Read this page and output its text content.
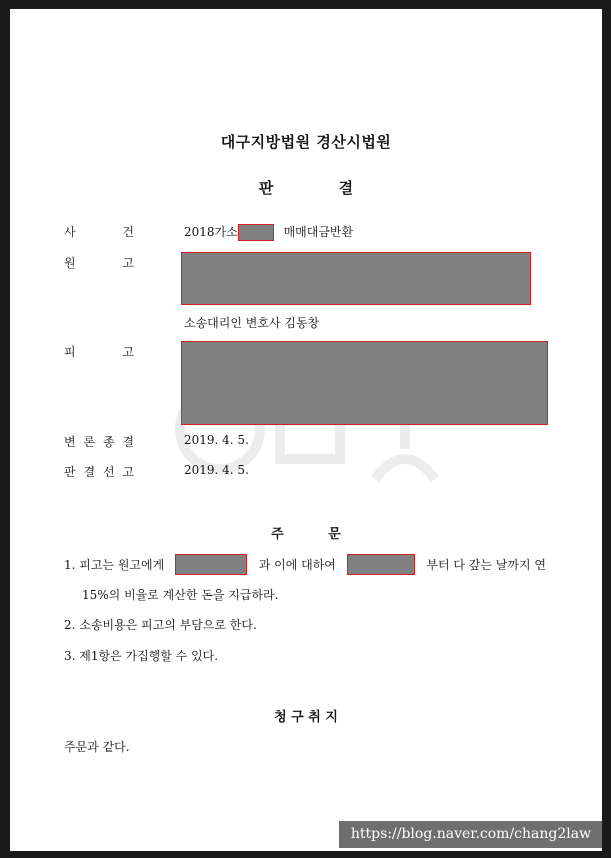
대구지방법원 경산시법원
판 결
사	건	2018가소	매매대금반환
원	고
소송대리인 변호사 김동창
피	고
변 론 종 결	2019. 4. 5.
판 결 선 고	2019. 4. 5.
주 문
1. 피고는 원고에게	과 이에 대하여	부터 다 갚는 날까지 연
15%의 비율로 계산한 돈을 지급하라.
2. 소송비용은 피고의 부담으로 한다.
3. 제1항은 가집행할 수 있다.
청 구 취 지
주문과 같다.
https://blog.naver.com/chang2law
